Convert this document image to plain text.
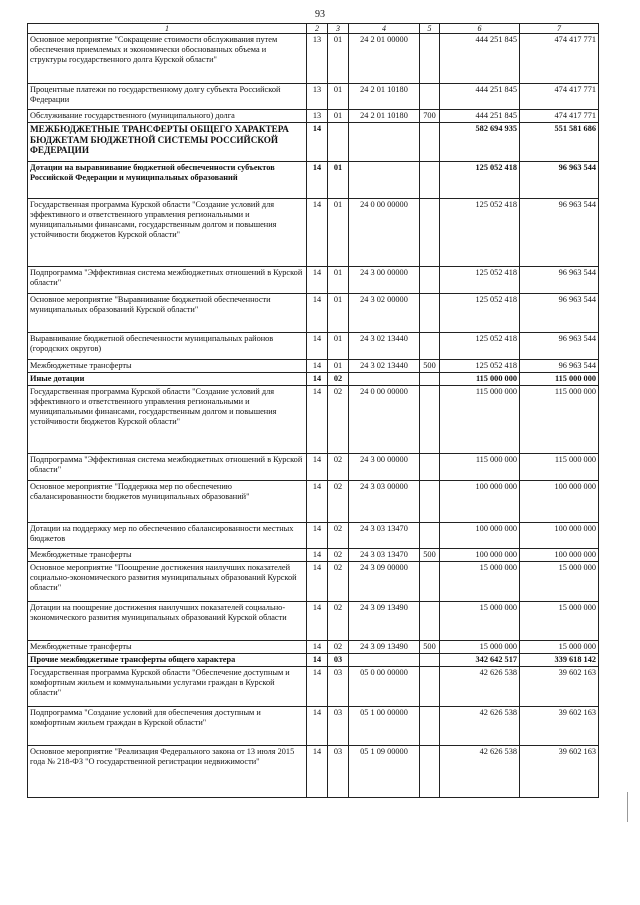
93
1	2	3	4	5	6	7
Основное мероприятие "Сокращение стоимости обслуживания путем обеспечения приемлемых и экономически обоснованных объема и структуры государственного долга Курской области"	13	01	24 2 01 00000		444 251 845	474 417 771
Процентные платежи по государственному долгу субъекта Российской Федерации	13	01	24 2 01 10180		444 251 845	474 417 771
Обслуживание государственного (муниципального) долга	13	01	24 2 01 10180	700	444 251 845	474 417 771
МЕЖБЮДЖЕТНЫЕ ТРАНСФЕРТЫ ОБЩЕГО ХАРАКТЕРА БЮДЖЕТАМ БЮДЖЕТНОЙ СИСТЕМЫ РОССИЙСКОЙ ФЕДЕРАЦИИ	14				582 694 935	551 581 686
Дотации на выравнивание бюджетной обеспеченности субъектов Российской Федерации и муниципальных образований	14	01			125 052 418	96 963 544
Государственная программа Курской области "Создание условий для эффективного и ответственного управления региональными и муниципальными финансами, государственным долгом и повышения устойчивости бюджетов Курской области"	14	01	24 0 00 00000		125 052 418	96 963 544
Подпрограмма "Эффективная система межбюджетных отношений в Курской области"	14	01	24 3 00 00000		125 052 418	96 963 544
Основное мероприятие "Выравнивание бюджетной обеспеченности муниципальных образований Курской области"	14	01	24 3 02 00000		125 052 418	96 963 544
Выравнивание бюджетной обеспеченности муниципальных районов (городских округов)	14	01	24 3 02 13440		125 052 418	96 963 544
Межбюджетные трансферты	14	01	24 3 02 13440	500	125 052 418	96 963 544
Иные дотации	14	02			115 000 000	115 000 000
Государственная программа Курской области "Создание условий для эффективного и ответственного управления региональными и муниципальными финансами, государственным долгом и повышения устойчивости бюджетов Курской области"	14	02	24 0 00 00000		115 000 000	115 000 000
Подпрограмма "Эффективная система межбюджетных отношений в Курской области"	14	02	24 3 00 00000		115 000 000	115 000 000
Основное мероприятие "Поддержка мер по обеспечению сбалансированности бюджетов муниципальных образований"	14	02	24 3 03 00000		100 000 000	100 000 000
Дотации на поддержку мер по обеспечению сбалансированности местных бюджетов	14	02	24 3 03 13470		100 000 000	100 000 000
Межбюджетные трансферты	14	02	24 3 03 13470	500	100 000 000	100 000 000
Основное мероприятие "Поощрение достижения наилучших показателей социально-экономического развития муниципальных образований Курской области"	14	02	24 3 09 00000		15 000 000	15 000 000
Дотации на поощрение достижения наилучших показателей социально-экономического развития муниципальных образований Курской области	14	02	24 3 09 13490		15 000 000	15 000 000
Межбюджетные трансферты	14	02	24 3 09 13490	500	15 000 000	15 000 000
Прочие межбюджетные трансферты общего характера	14	03			342 642 517	339 618 142
Государственная программа Курской области "Обеспечение доступным и комфортным жильем и коммунальными услугами граждан в Курской области"	14	03	05 0 00 00000		42 626 538	39 602 163
Подпрограмма "Создание условий для обеспечения доступным и комфортным жильем граждан в Курской области"	14	03	05 1 00 00000		42 626 538	39 602 163
Основное мероприятие "Реализация Федерального закона от 13 июля 2015 года № 218-ФЗ "О государственной регистрации недвижимости"	14	03	05 1 09 00000		42 626 538	39 602 163
